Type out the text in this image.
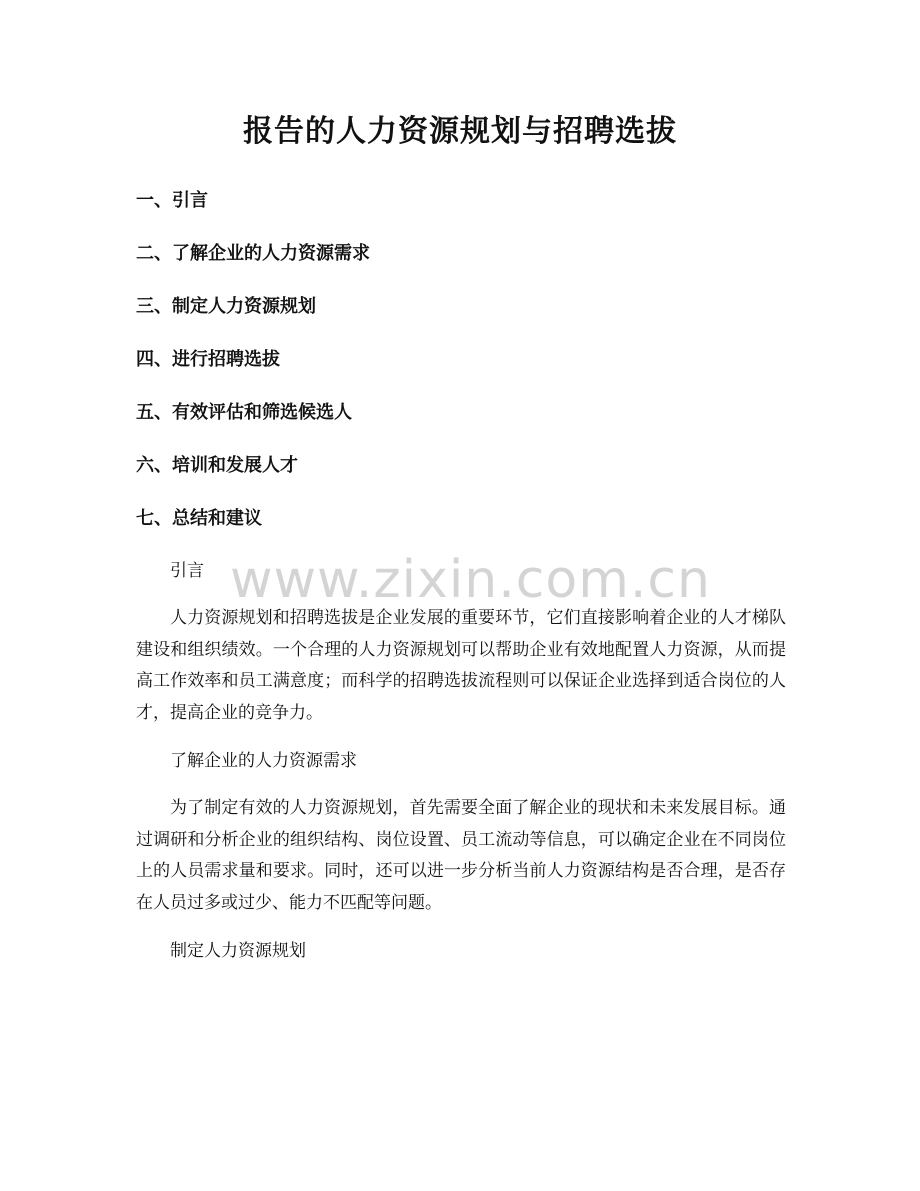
报告的人力资源规划与招聘选拔
一、引言
二、了解企业的人力资源需求
三、制定人力资源规划
四、进行招聘选拔
五、有效评估和筛选候选人
六、培训和发展人才
七、总结和建议
www.zixin.com.cn

引言

人力资源规划和招聘选拔是企业发展的重要环节，它们直接影响着企业的人才梯队建设和组织绩效。一个合理的人力资源规划可以帮助企业有效地配置人力资源，从而提高工作效率和员工满意度；而科学的招聘选拔流程则可以保证企业选择到适合岗位的人才，提高企业的竞争力。

了解企业的人力资源需求

为了制定有效的人力资源规划，首先需要全面了解企业的现状和未来发展目标。通过调研和分析企业的组织结构、岗位设置、员工流动等信息，可以确定企业在不同岗位上的人员需求量和要求。同时，还可以进一步分析当前人力资源结构是否合理，是否存在人员过多或过少、能力不匹配等问题。

制定人力资源规划
